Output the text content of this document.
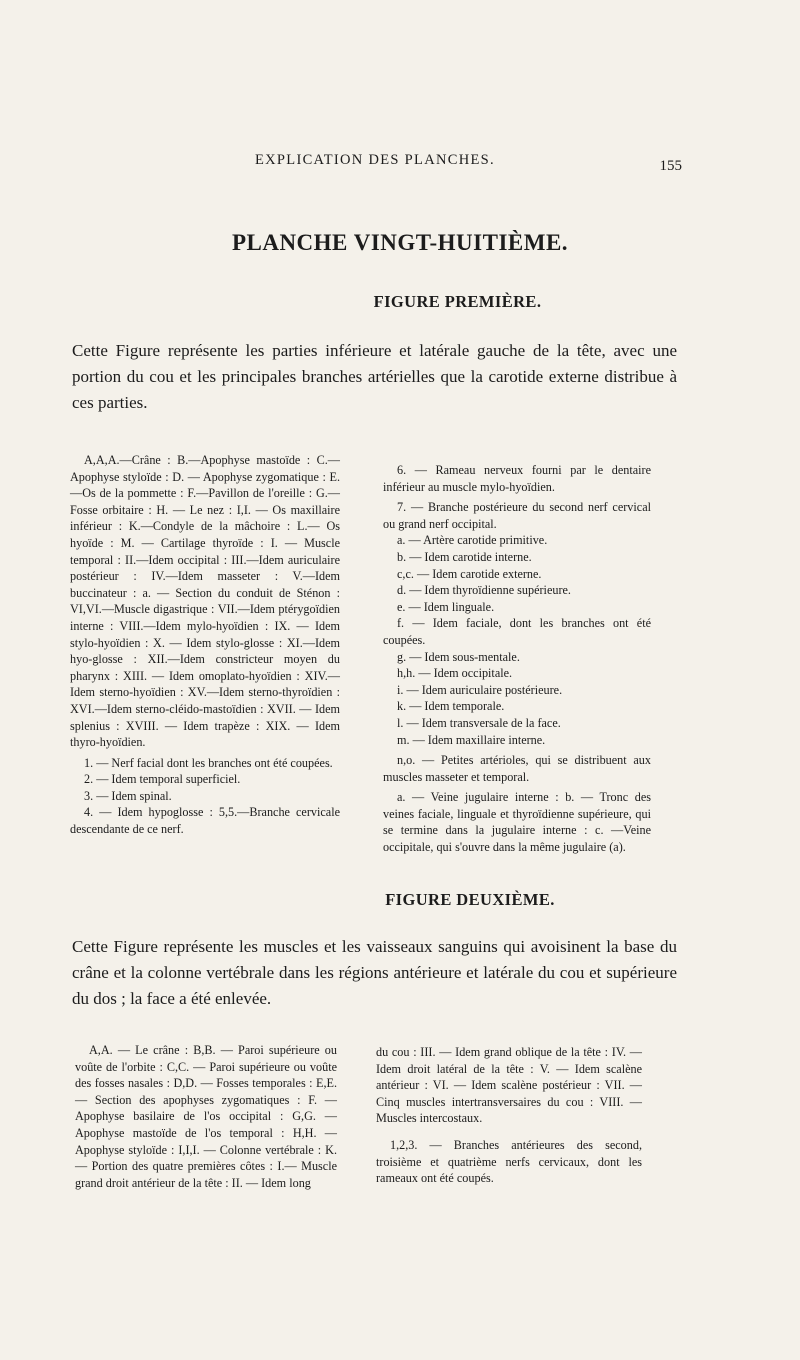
EXPLICATION DES PLANCHES.	155
PLANCHE VINGT-HUITIÈME.
FIGURE PREMIÈRE.
Cette Figure représente les parties inférieure et latérale gauche de la tête, avec une portion du cou et les principales branches artérielles que la carotide externe distribue à ces parties.

A,A,A.—Crâne : B.—Apophyse mastoïde : C.—Apophyse styloïde : D. — Apophyse zygomatique : E.—Os de la pommette : F.—Pavillon de l'oreille : G.— Fosse orbitaire : H. — Le nez : I,I. — Os maxillaire inférieur : K.—Condyle de la mâchoire : L.— Os hyoïde : M. — Cartilage thyroïde : I. — Muscle temporal : II.—Idem occipital : III.—Idem auriculaire postérieur : IV.—Idem masseter : V.—Idem buccinateur : a. — Section du conduit de Sténon : VI,VI.—Muscle digastrique : VII.—Idem ptérygoïdien interne : VIII.—Idem mylo-hyoïdien : IX. — Idem stylo-hyoïdien : X. — Idem stylo-glosse : XI.—Idem hyo-glosse : XII.—Idem constricteur moyen du pharynx : XIII. — Idem omoplato-hyoïdien : XIV.—Idem sterno-hyoïdien : XV.—Idem sterno-thyroïdien : XVI.—Idem sterno-cléido-mastoïdien : XVII. — Idem splenius : XVIII. — Idem trapèze : XIX. — Idem thyro-hyoïdien.

1. — Nerf facial dont les branches ont été coupées.

2. — Idem temporal superficiel.

3. — Idem spinal.

4. — Idem hypoglosse : 5,5.—Branche cervicale descendante de ce nerf.

6. — Rameau nerveux fourni par le dentaire inférieur au muscle mylo-hyoïdien.

7. — Branche postérieure du second nerf cervical ou grand nerf occipital.

a. — Artère carotide primitive.

b. — Idem carotide interne.

c,c. — Idem carotide externe.

d. — Idem thyroïdienne supérieure.

e. — Idem linguale.

f. — Idem faciale, dont les branches ont été coupées.

g. — Idem sous-mentale.

h,h. — Idem occipitale.

i. — Idem auriculaire postérieure.

k. — Idem temporale.

l. — Idem transversale de la face.

m. — Idem maxillaire interne.

n,o. — Petites artérioles, qui se distribuent aux muscles masseter et temporal.

a. — Veine jugulaire interne : b. — Tronc des veines faciale, linguale et thyroïdienne supérieure, qui se termine dans la jugulaire interne : c. —Veine occipitale, qui s'ouvre dans la même jugulaire (a).

FIGURE DEUXIÈME.
Cette Figure représente les muscles et les vaisseaux sanguins qui avoisinent la base du crâne et la colonne vertébrale dans les régions antérieure et latérale du cou et supérieure du dos ; la face a été enlevée.

A,A. — Le crâne : B,B. — Paroi supérieure ou voûte de l'orbite : C,C. — Paroi supérieure ou voûte des fosses nasales : D,D. — Fosses temporales : E,E. — Section des apophyses zygomatiques : F. — Apophyse basilaire de l'os occipital : G,G. — Apophyse mastoïde de l'os temporal : H,H. — Apophyse styloïde : I,I,I. — Colonne vertébrale : K. — Portion des quatre premières côtes : I.— Muscle grand droit antérieur de la tête : II. — Idem long

du cou : III. — Idem grand oblique de la tête : IV. — Idem droit latéral de la tête : V. — Idem scalène antérieur : VI. — Idem scalène postérieur : VII. — Cinq muscles intertransversaires du cou : VIII. — Muscles intercostaux.

1,2,3. — Branches antérieures des second, troisième et quatrième nerfs cervicaux, dont les rameaux ont été coupés.
